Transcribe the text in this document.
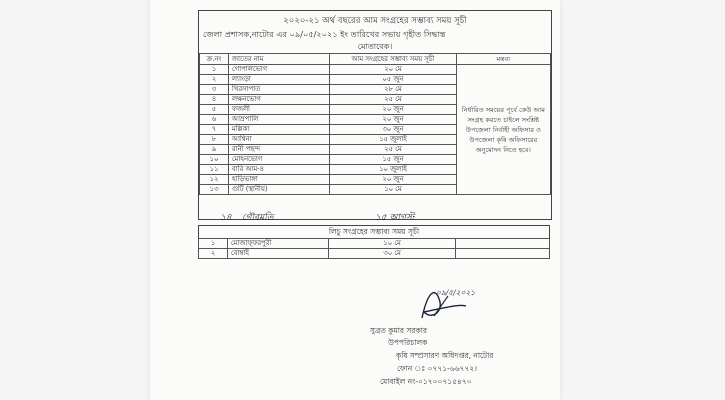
২০২০-২১ অর্থ বছরের আম সংগ্রহের সম্ভাব্য সময় সূচী
জেলা প্রশাসক,নাটোর এর ০৯/০৫/২০২১ ইং তারিখের সভায় গৃহীত সিদ্ধান্ত
মোতাবেক।
ক্র.নং	জাতের নাম	আম সংগ্রহের সম্ভাব্য সময় সূচী	মন্তব্য
১	গোপালভোগ	২০ মে	নির্ধারিত সময়ের পূর্বে কেউ আম সংগ্রহ করতে চাইলে সংশ্লিষ্ট উপজেলা নির্বাহী অফিসার ও উপজেলা কৃষি অফিসারের অনুমোদন নিতে হবে।
২	ল্যাংড়া	০৫ জুন	
৩	খিরসাপাত	২৮ মে	
৪	লক্ষনভোগ	২৫ মে	
৫	ফজলী	২০ জুন	
৬	আম্রপালি	২০ জুন	
৭	মল্লিকা	৩০ জুন	
৮	আশ্বিনা	১৫ জুলাই	
৯	রানী পছন্দ	২৫ মে	
১০	মোহনভোগ	১৫ জুন	
১১	বারি আম-৪	১০ জুলাই	
১২	হাড়িভাঙ্গা	২০ জুন	
১৩	গুটি (স্থানীয়)	১০ মে	
১৪ গৌরমতি	১৫ আগস্ট
লিচু সংগ্রহের সম্ভাব্য সময় সূচী
১	মোজাফ্ফরপুরী	১০ মে	
২	বোম্বাই	৩০ মে	
০৯/৫/২০২১
সুব্রত কুমার সরকার
উপপরিচালক
কৃষি সম্প্রসারণ অধিদপ্তর, নাটোর
ফোন ঃ ০৭৭১-৬৬৭৭২।
মোবাইল নং-০১৭০০৭১৫৪৭০
